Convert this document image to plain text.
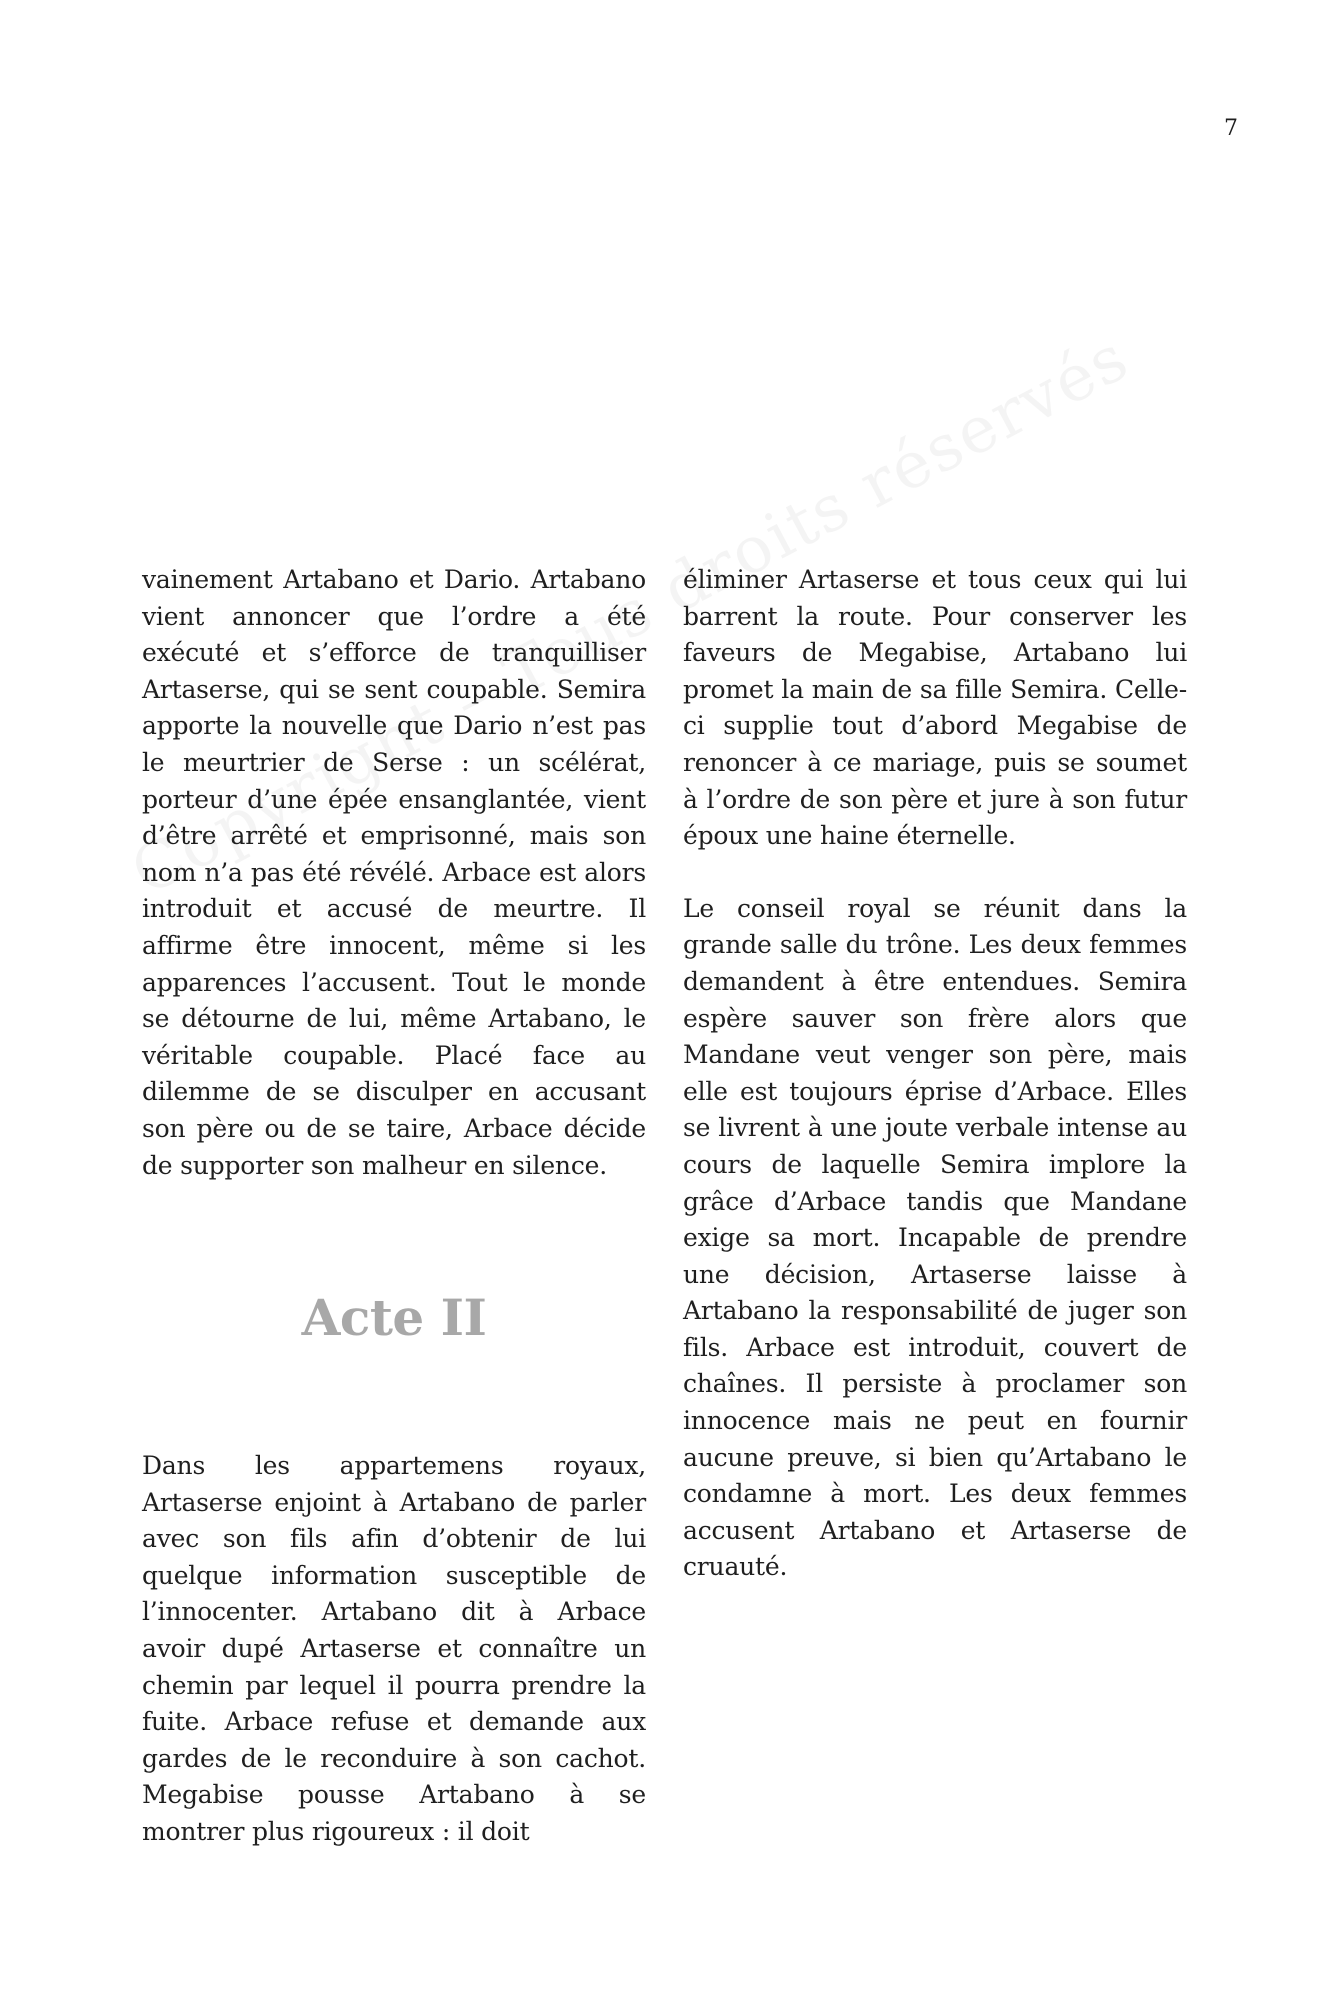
7

vainement Artabano et Dario. Artabano vient annoncer que l’ordre a été exécuté et s’efforce de tranquilliser Artaserse, qui se sent coupable. Semira apporte la nouvelle que Dario n’est pas le meurtrier de Serse : un scélérat, porteur d’une épée ensanglantée, vient d’être arrêté et emprisonné, mais son nom n’a pas été révélé. Arbace est alors introduit et accusé de meurtre. Il affirme être innocent, même si les apparences l’accusent. Tout le monde se détourne de lui, même Artabano, le véritable coupable. Placé face au dilemme de se disculper en accusant son père ou de se taire, Arbace décide de supporter son malheur en silence.

Acte II

Dans les appartemens royaux, Artaserse enjoint à Artabano de parler avec son fils afin d’obtenir de lui quelque information susceptible de l’innocenter. Artabano dit à Arbace avoir dupé Artaserse et connaître un chemin par lequel il pourra prendre la fuite. Arbace refuse et demande aux gardes de le reconduire à son cachot. Megabise pousse Artabano à se montrer plus rigoureux : il doit

éliminer Artaserse et tous ceux qui lui barrent la route. Pour conserver les faveurs de Megabise, Artabano lui promet la main de sa fille Semira. Celle-ci supplie tout d’abord Megabise de renoncer à ce mariage, puis se soumet à l’ordre de son père et jure à son futur époux une haine éternelle.

Le conseil royal se réunit dans la grande salle du trône. Les deux femmes demandent à être entendues. Semira espère sauver son frère alors que Mandane veut venger son père, mais elle est toujours éprise d’Arbace. Elles se livrent à une joute verbale intense au cours de laquelle Semira implore la grâce d’Arbace tandis que Mandane exige sa mort. Incapable de prendre une décision, Artaserse laisse à Artabano la responsabilité de juger son fils. Arbace est introduit, couvert de chaînes. Il persiste à proclamer son innocence mais ne peut en fournir aucune preuve, si bien qu’Artabano le condamne à mort. Les deux femmes accusent Artabano et Artaserse de cruauté.
